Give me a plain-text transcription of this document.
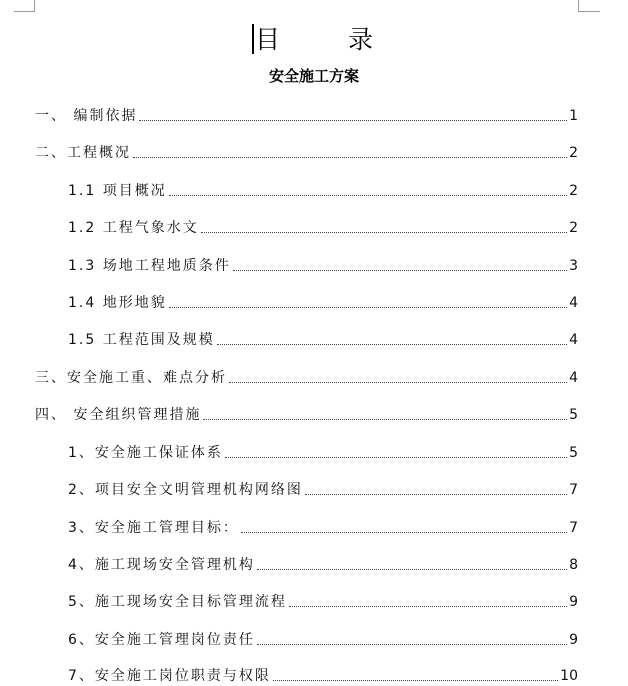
目 录
安全施工方案
一、 编制依据	1
二、工程概况	2
1.1 项目概况	2
1.2 工程气象水文	2
1.3 场地工程地质条件	3
1.4 地形地貌	4
1.5 工程范围及规模	4
三、安全施工重、难点分析	4
四、 安全组织管理措施	5
1、安全施工保证体系	5
2、项目安全文明管理机构网络图	7
3、安全施工管理目标：	7
4、施工现场安全管理机构	8
5、施工现场安全目标管理流程	9
6、安全施工管理岗位责任	9
7、安全施工岗位职责与权限	10
